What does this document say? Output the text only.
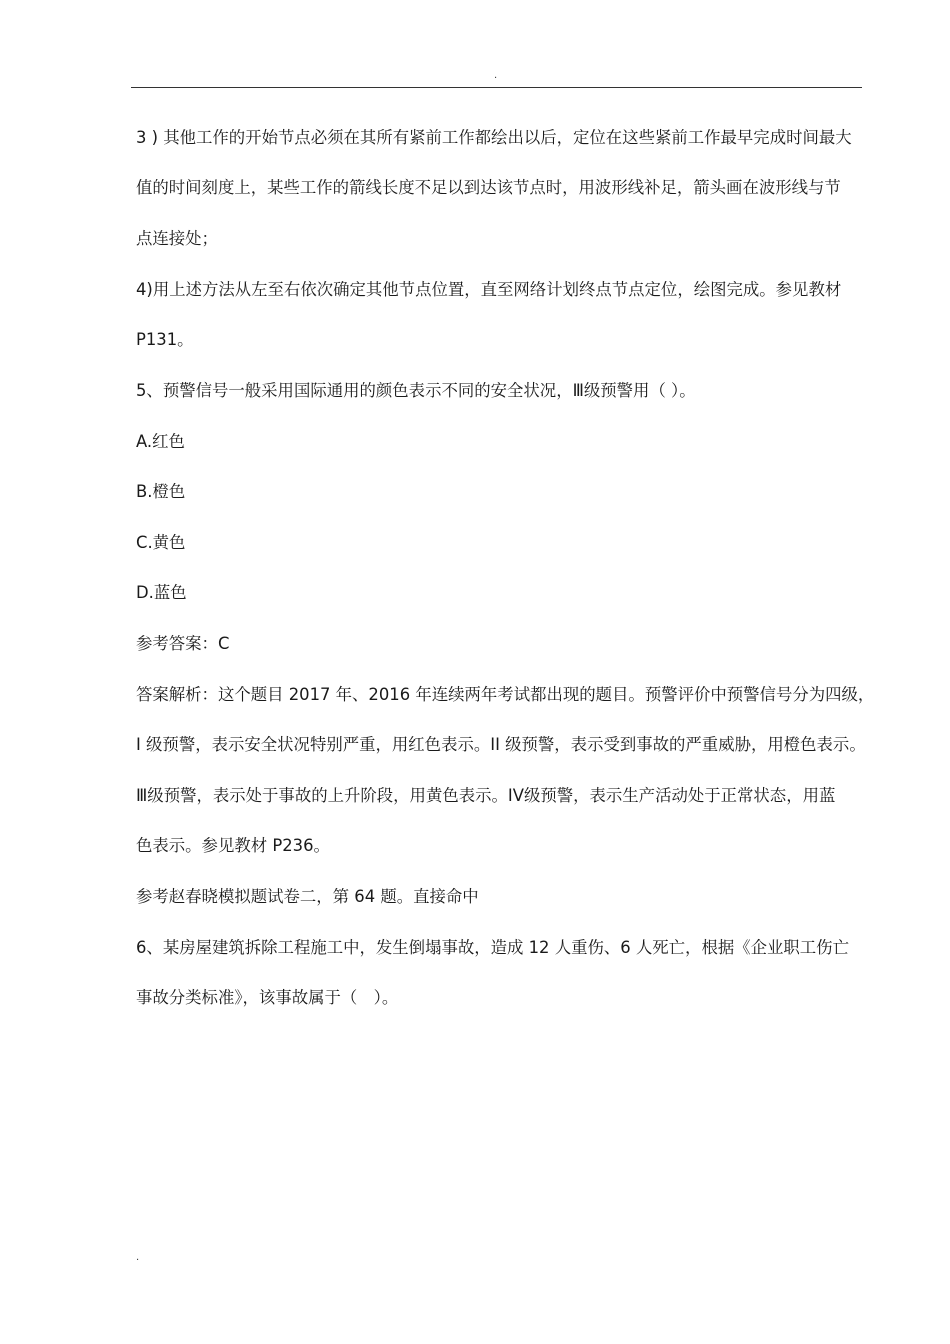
.
3 ) 其他工作的开始节点必须在其所有紧前工作都绘出以后，定位在这些紧前工作最早完成时间最大
值的时间刻度上，某些工作的箭线长度不足以到达该节点时，用波形线补足，箭头画在波形线与节
点连接处；
4)用上述方法从左至右依次确定其他节点位置，直至网络计划终点节点定位，绘图完成。参见教材
P131。
5、预警信号一般采用国际通用的颜色表示不同的安全状况，Ⅲ级预警用（ ）。
A.红色
B.橙色
C.黄色
D.蓝色
参考答案：C
答案解析：这个题目 2017 年、2016 年连续两年考试都出现的题目。预警评价中预警信号分为四级，
I 级预警，表示安全状况特别严重，用红色表示。II 级预警，表示受到事故的严重威胁，用橙色表示。
Ⅲ级预警，表示处于事故的上升阶段，用黄色表示。IV级预警，表示生产活动处于正常状态，用蓝
色表示。参见教材 P236。
参考赵春晓模拟题试卷二，第 64 题。直接命中
6、某房屋建筑拆除工程施工中，发生倒塌事故，造成 12 人重伤、6 人死亡，根据《企业职工伤亡
事故分类标准》，该事故属于（　）。
.
